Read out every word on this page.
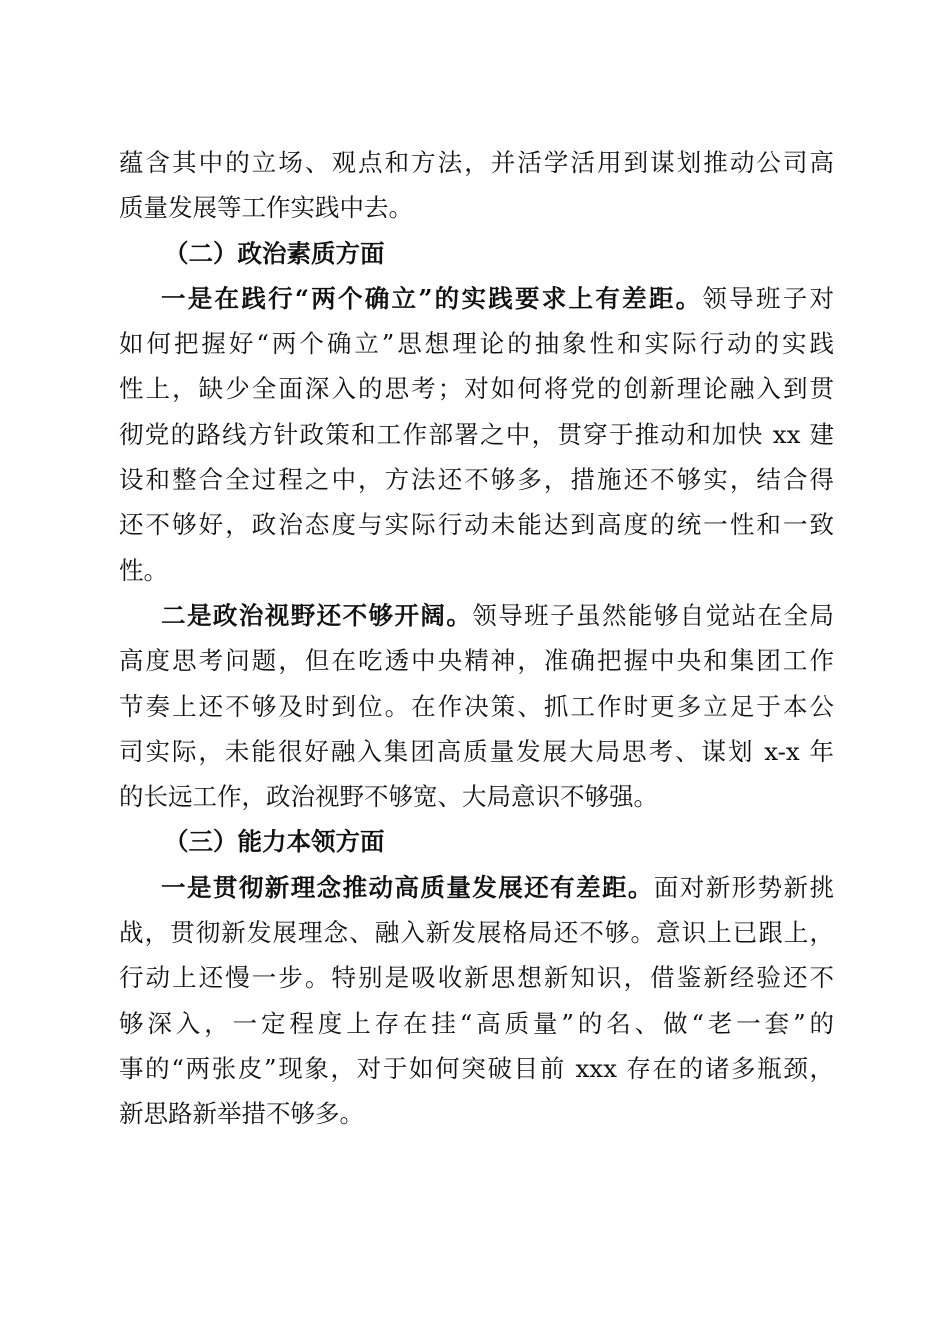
蕴含其中的立场、观点和方法，并活学活用到谋划推动公司高
质量发展等工作实践中去。
（二）政治素质方面
一是在践行“两个确立”的实践要求上有差距。领导班子对
如何把握好“两个确立”思想理论的抽象性和实际行动的实践
性上，缺少全面深入的思考；对如何将党的创新理论融入到贯
彻党的路线方针政策和工作部署之中，贯穿于推动和加快 xx 建
设和整合全过程之中，方法还不够多，措施还不够实，结合得
还不够好，政治态度与实际行动未能达到高度的统一性和一致
性。
二是政治视野还不够开阔。领导班子虽然能够自觉站在全局
高度思考问题，但在吃透中央精神，准确把握中央和集团工作
节奏上还不够及时到位。在作决策、抓工作时更多立足于本公
司实际，未能很好融入集团高质量发展大局思考、谋划 x-x 年
的长远工作，政治视野不够宽、大局意识不够强。
（三）能力本领方面
一是贯彻新理念推动高质量发展还有差距。面对新形势新挑
战，贯彻新发展理念、融入新发展格局还不够。意识上已跟上，
行动上还慢一步。特别是吸收新思想新知识，借鉴新经验还不
够深入，一定程度上存在挂“高质量”的名、做“老一套”的
事的“两张皮”现象，对于如何突破目前 xxx 存在的诸多瓶颈，
新思路新举措不够多。
